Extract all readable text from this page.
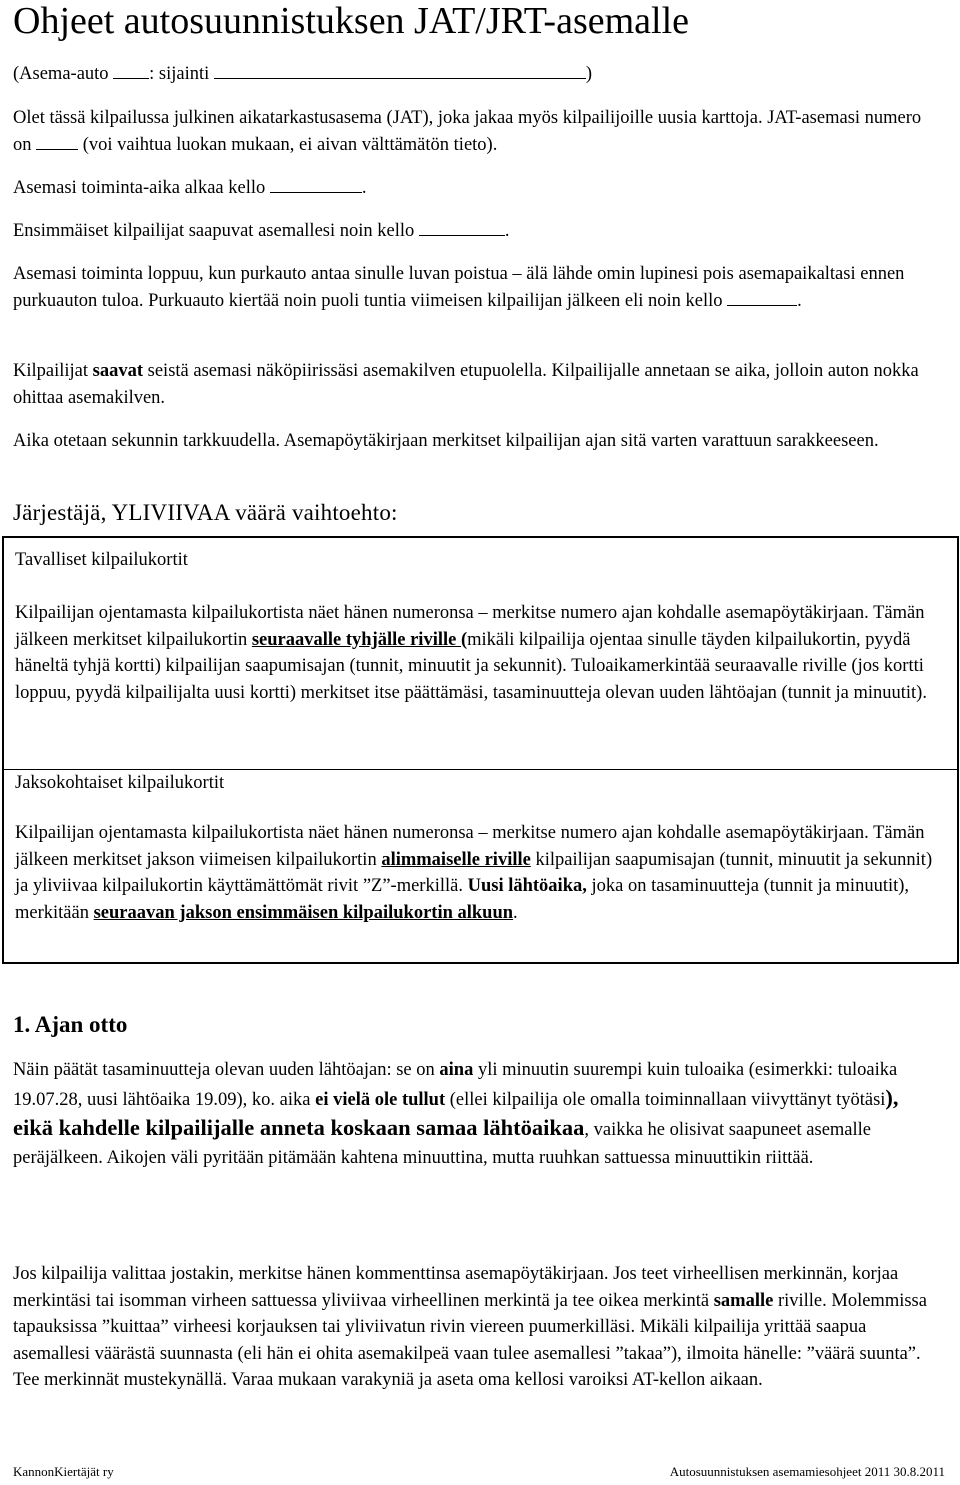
Ohjeet autosuunnistuksen JAT/JRT-asemalle

(Asema-auto : sijainti	)

Olet tässä kilpailussa julkinen aikatarkastusasema (JAT), joka jakaa myös kilpailijoille uusia karttoja. JAT-asemasi numero on	(voi vaihtua luokan mukaan, ei aivan välttämätön tieto).

Asemasi toiminta-aika alkaa kello	.

Ensimmäiset kilpailijat saapuvat asemallesi noin kello	.

Asemasi toiminta loppuu, kun purkauto antaa sinulle luvan poistua – älä lähde omin lupinesi pois asemapaikaltasi ennen purkuauton tuloa. Purkuauto kiertää noin puoli tuntia viimeisen kilpailijan jälkeen eli noin kello	.

Kilpailijat saavat seistä asemasi näköpiirissäsi asemakilven etupuolella. Kilpailijalle annetaan se aika, jolloin auton nokka ohittaa asemakilven.

Aika otetaan sekunnin tarkkuudella. Asemapöytäkirjaan merkitset kilpailijan ajan sitä varten varattuun sarakkeeseen.

Järjestäjä, YLIVIIVAA väärä vaihtoehto:

Tavalliset kilpailukortit

Kilpailijan ojentamasta kilpailukortista näet hänen numeronsa – merkitse numero ajan kohdalle asemapöytäkirjaan. Tämän jälkeen merkitset kilpailukortin seuraavalle tyhjälle riville (mikäli kilpailija ojentaa sinulle täyden kilpailukortin, pyydä häneltä tyhjä kortti) kilpailijan saapumisajan (tunnit, minuutit ja sekunnit). Tuloaikamerkintää seuraavalle riville (jos kortti loppuu, pyydä kilpailijalta uusi kortti) merkitset itse päättämäsi, tasaminuutteja olevan uuden lähtöajan (tunnit ja minuutit).

Jaksokohtaiset kilpailukortit

Kilpailijan ojentamasta kilpailukortista näet hänen numeronsa – merkitse numero ajan kohdalle asemapöytäkirjaan. Tämän jälkeen merkitset jakson viimeisen kilpailukortin alimmaiselle riville kilpailijan saapumisajan (tunnit, minuutit ja sekunnit) ja yliviivaa kilpailukortin käyttämättömät rivit ”Z”-merkillä. Uusi lähtöaika, joka on tasaminuutteja (tunnit ja minuutit), merkitään seuraavan jakson ensimmäisen kilpailukortin alkuun.

1. Ajan otto

Näin päätät tasaminuutteja olevan uuden lähtöajan: se on aina yli minuutin suurempi kuin tuloaika (esimerkki: tuloaika 19.07.28, uusi lähtöaika 19.09), ko. aika ei vielä ole tullut (ellei kilpailija ole omalla toiminnallaan viivyttänyt työtäsi), eikä kahdelle kilpailijalle anneta koskaan samaa lähtöaikaa, vaikka he olisivat saapuneet asemalle peräjälkeen. Aikojen väli pyritään pitämään kahtena minuuttina, mutta ruuhkan sattuessa minuuttikin riittää.

Jos kilpailija valittaa jostakin, merkitse hänen kommenttinsa asemapöytäkirjaan. Jos teet virheellisen merkinnän, korjaa merkintäsi tai isomman virheen sattuessa yliviivaa virheellinen merkintä ja tee oikea merkintä samalle riville. Molemmissa tapauksissa ”kuittaa” virheesi korjauksen tai yliviivatun rivin viereen puumerkilläsi. Mikäli kilpailija yrittää saapua asemallesi väärästä suunnasta (eli hän ei ohita asemakilpeä vaan tulee asemallesi ”takaa”), ilmoita hänelle: ”väärä suunta”. Tee merkinnät mustekynällä. Varaa mukaan varakyniä ja aseta oma kellosi varoiksi AT-kellon aikaan.

KannonKiertäjät ry	Autosuunnistuksen asemamiesohjeet 2011 30.8.2011
